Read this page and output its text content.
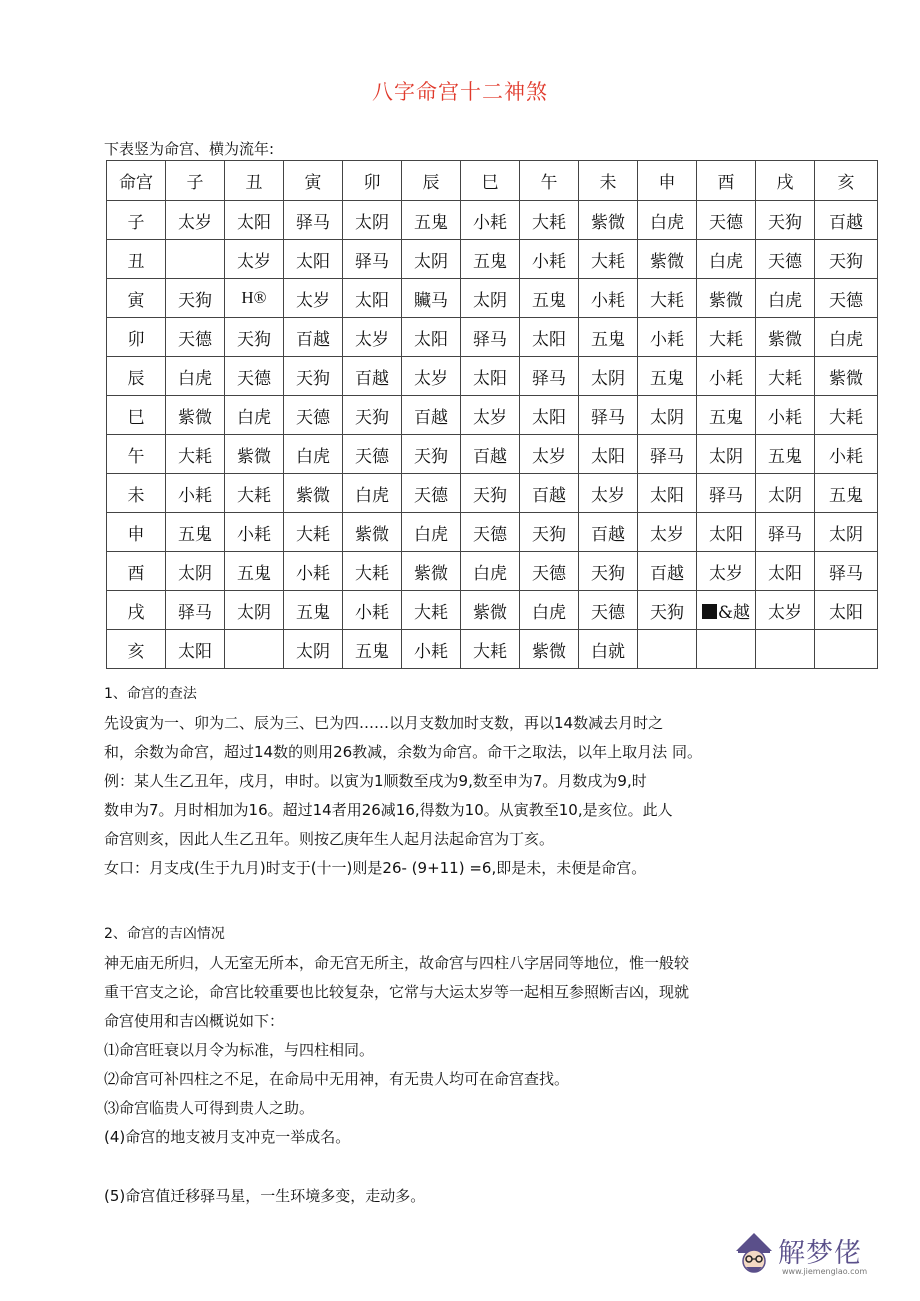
八字命宫十二神煞
下表竖为命宫、横为流年:
命宫	子	丑	寅	卯	辰	巳	午	未	申	酉	戌	亥
子	太岁	太阳	驿马	太阴	五鬼	小耗	大耗	紫微	白虎	天德	天狗	百越
丑		太岁	太阳	驿马	太阴	五鬼	小耗	大耗	紫微	白虎	天德	天狗
寅	天狗	H®	太岁	太阳	贜马	太阴	五鬼	小耗	大耗	紫微	白虎	天德
卯	天德	天狗	百越	太岁	太阳	驿马	太阳	五鬼	小耗	大耗	紫微	白虎
辰	白虎	天德	天狗	百越	太岁	太阳	驿马	太阴	五鬼	小耗	大耗	紫微
巳	紫微	白虎	天德	天狗	百越	太岁	太阳	驿马	太阴	五鬼	小耗	大耗
午	大耗	紫微	白虎	天德	天狗	百越	太岁	太阳	驿马	太阴	五鬼	小耗
未	小耗	大耗	紫微	白虎	天德	天狗	百越	太岁	太阳	驿马	太阴	五鬼
申	五鬼	小耗	大耗	紫微	白虎	天德	天狗	百越	太岁	太阳	驿马	太阴
酉	太阴	五鬼	小耗	大耗	紫微	白虎	天德	天狗	百越	太岁	太阳	驿马
戌	驿马	太阴	五鬼	小耗	大耗	紫微	白虎	天德	天狗	&越	太岁	太阳
亥	太阳		太阴	五鬼	小耗	大耗	紫微	白就				

1、命宫的查法

先设寅为一、卯为二、辰为三、巳为四……以月支数加时支数，再以14数减去月时之

和，余数为命宫，超过14数的则用26教减，余数为命宫。命干之取法，以年上取月法 同。

例：某人生乙丑年，戌月，申时。以寅为1顺数至戌为9,数至申为7。月数戌为9,时

数申为7。月时相加为16。超过14者用26减16,得数为10。从寅教至10,是亥位。此人

命宫则亥，因此人生乙丑年。则按乙庚年生人起月法起命宫为丁亥。

女口：月支戌(生于九月)时支于(十一)则是26- (9+11) =6,即是未，未便是命宫。

2、命宫的吉凶情况

神无庙无所归，人无室无所本，命无宫无所主，故命宫与四柱八字居同等地位，惟一般较

重干宫支之论，命宫比较重要也比较复杂，它常与大运太岁等一起相互参照断吉凶，现就

命宫使用和吉凶概说如下：

⑴命宫旺衰以月令为标准，与四柱相同。

⑵命宫可补四柱之不足，在命局中无用神，有无贵人均可在命宫查找。

⑶命宫临贵人可得到贵人之助。

(4)命宫的地支被月支冲克一举成名。

(5)命宫值迁移驿马星，一生环境多变，走动多。

解梦佬
www.jiemenglao.com
